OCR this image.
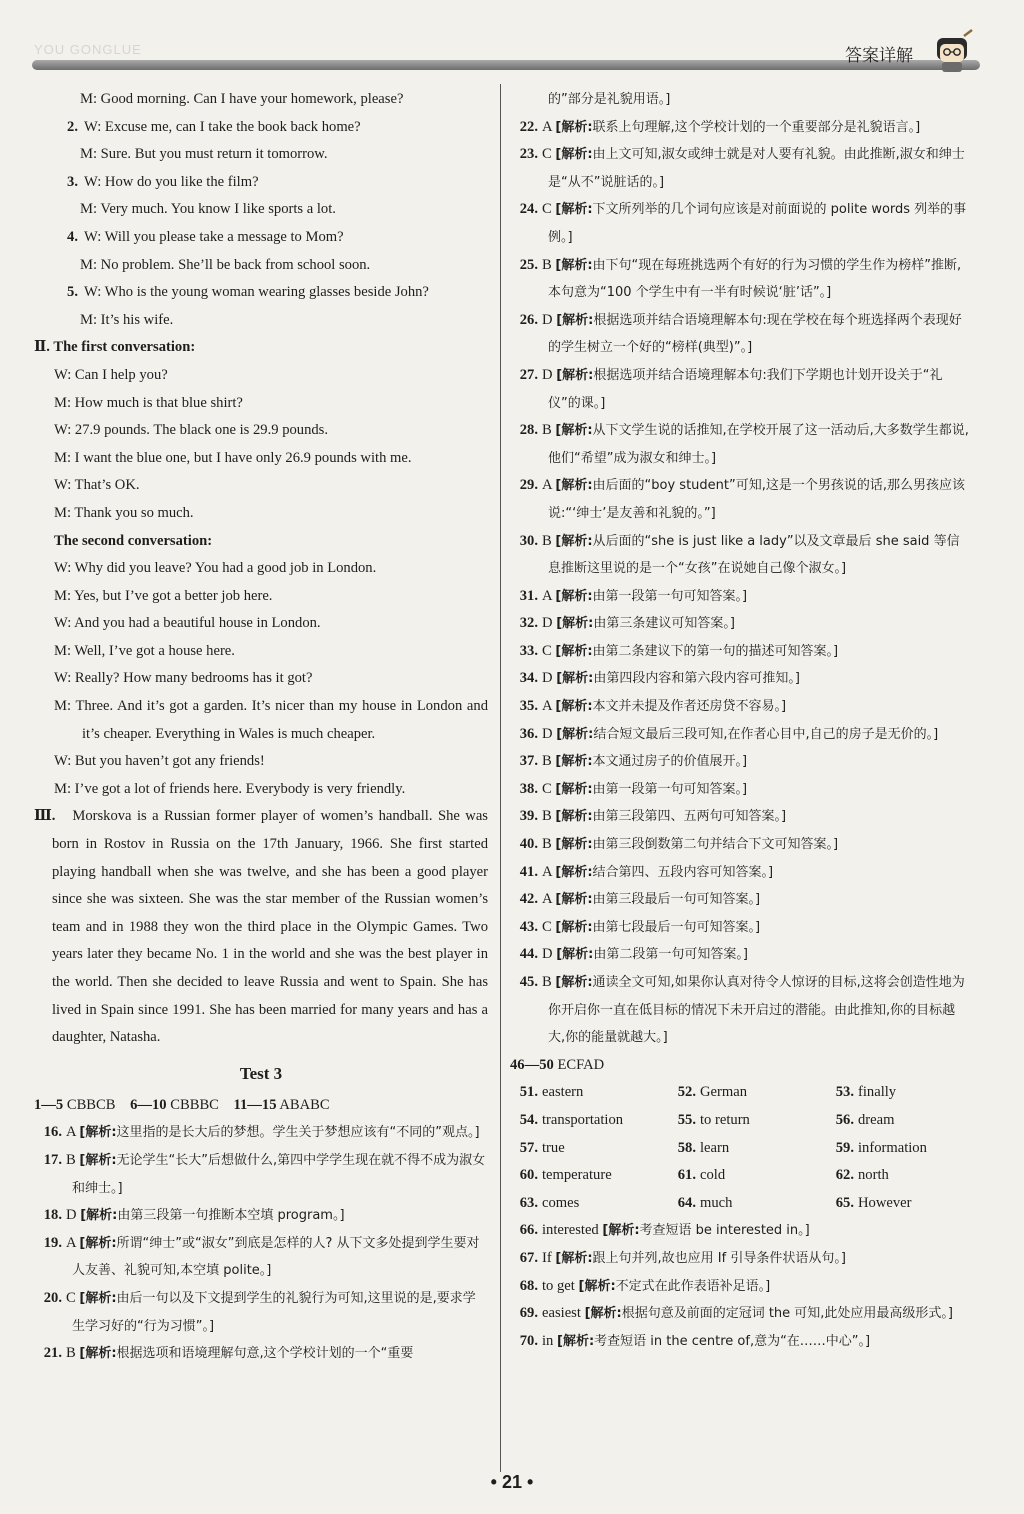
YOU GONGLUE	答案详解
M: Good morning. Can I have your homework, please?
2. W: Excuse me, can I take the book back home?
M: Sure. But you must return it tomorrow.
3. W: How do you like the film?
M: Very much. You know I like sports a lot.
4. W: Will you please take a message to Mom?
M: No problem. She’ll be back from school soon.
5. W: Who is the young woman wearing glasses beside John?
M: It’s his wife.
Ⅱ. The first conversation:
W: Can I help you?
M: How much is that blue shirt?
W: 27.9 pounds. The black one is 29.9 pounds.
M: I want the blue one, but I have only 26.9 pounds with me.
W: That’s OK.
M: Thank you so much.
The second conversation:
W: Why did you leave? You had a good job in London.
M: Yes, but I’ve got a better job here.
W: And you had a beautiful house in London.
M: Well, I’ve got a house here.
W: Really? How many bedrooms has it got?
M: Three. And it’s got a garden. It’s nicer than my house in London and it’s cheaper. Everything in Wales is much cheaper.
W: But you haven’t got any friends!
M: I’ve got a lot of friends here. Everybody is very friendly.
Ⅲ. Morskova is a Russian former player of women’s handball. She was born in Rostov in Russia on the 17th January, 1966. She first started playing handball when she was twelve, and she has been a good player since she was sixteen. She was the star member of the Russian women’s team and in 1988 they won the third place in the Olympic Games. Two years later they became No. 1 in the world and she was the best player in the world. Then she decided to leave Russia and went to Spain. She has lived in Spain since 1991. She has been married for many years and has a daughter, Natasha.
Test 3
1—5 CBBCB 6—10 CBBBC 11—15 ABABC
16. A [解析:这里指的是长大后的梦想。学生关于梦想应该有“不同的”观点。]
17. B [解析:无论学生“长大”后想做什么,第四中学学生现在就不得不成为淑女和绅士。]
18. D [解析:由第三段第一句推断本空填 program。]
19. A [解析:所谓“绅士”或“淑女”到底是怎样的人? 从下文多处提到学生要对人友善、礼貌可知,本空填 polite。]
20. C [解析:由后一句以及下文提到学生的礼貌行为可知,这里说的是,要求学生学习好的“行为习惯”。]
21. B [解析:根据选项和语境理解句意,这个学校计划的一个“重要
的”部分是礼貌用语。]
22. A [解析:联系上句理解,这个学校计划的一个重要部分是礼貌语言。]
23. C [解析:由上文可知,淑女或绅士就是对人要有礼貌。由此推断,淑女和绅士是“从不”说脏话的。]
24. C [解析:下文所列举的几个词句应该是对前面说的 polite words 列举的事例。]
25. B [解析:由下句“现在每班挑选两个有好的行为习惯的学生作为榜样”推断,本句意为“100 个学生中有一半有时候说‘脏’话”。]
26. D [解析:根据选项并结合语境理解本句:现在学校在每个班选择两个表现好的学生树立一个好的“榜样(典型)”。]
27. D [解析:根据选项并结合语境理解本句:我们下学期也计划开设关于“礼仪”的课。]
28. B [解析:从下文学生说的话推知,在学校开展了这一活动后,大多数学生都说,他们“希望”成为淑女和绅士。]
29. A [解析:由后面的“boy student”可知,这是一个男孩说的话,那么男孩应该说:“‘绅士’是友善和礼貌的。”]
30. B [解析:从后面的“she is just like a lady”以及文章最后 she said 等信息推断这里说的是一个“女孩”在说她自己像个淑女。]
31. A [解析:由第一段第一句可知答案。]
32. D [解析:由第三条建议可知答案。]
33. C [解析:由第二条建议下的第一句的描述可知答案。]
34. D [解析:由第四段内容和第六段内容可推知。]
35. A [解析:本文并未提及作者还房贷不容易。]
36. D [解析:结合短文最后三段可知,在作者心目中,自己的房子是无价的。]
37. B [解析:本文通过房子的价值展开。]
38. C [解析:由第一段第一句可知答案。]
39. B [解析:由第三段第四、五两句可知答案。]
40. B [解析:由第三段倒数第二句并结合下文可知答案。]
41. A [解析:结合第四、五段内容可知答案。]
42. A [解析:由第三段最后一句可知答案。]
43. C [解析:由第七段最后一句可知答案。]
44. D [解析:由第二段第一句可知答案。]
45. B [解析:通读全文可知,如果你认真对待令人惊讶的目标,这将会创造性地为你开启你一直在低目标的情况下未开启过的潜能。由此推知,你的目标越大,你的能量就越大。]
46—50 ECFAD
51. eastern	52. German	53. finally
54. transportation	55. to return	56. dream
57. true	58. learn	59. information
60. temperature	61. cold	62. north
63. comes	64. much	65. However
66. interested [解析:考查短语 be interested in。]
67. If [解析:跟上句并列,故也应用 If 引导条件状语从句。]
68. to get [解析:不定式在此作表语补足语。]
69. easiest [解析:根据句意及前面的定冠词 the 可知,此处应用最高级形式。]
70. in [解析:考查短语 in the centre of,意为“在……中心”。]
• 21 •
